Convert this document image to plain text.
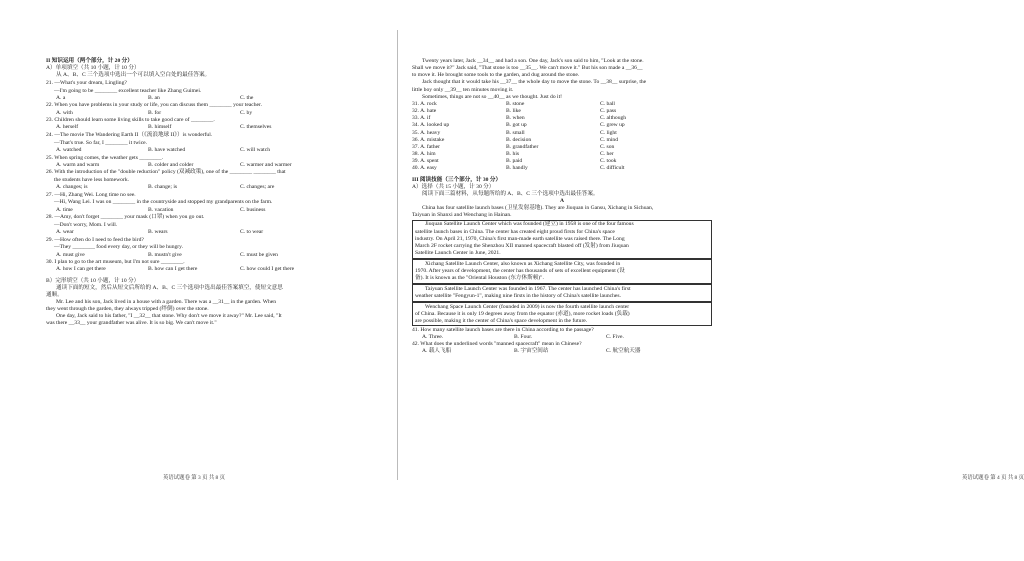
II 知识运用（两个部分，计 20 分）
A）单项填空（共 10 小题，计 10 分）
从 A、B、C 三个选项中选出一个可以填入空白处的最佳答案。
21. —What's your dream, Lingling?
—I'm going to be ________ excellent teacher like Zhang Guimei.
A. a	B. an	C. the
22. When you have problems in your study or life, you can discuss them ________ your teacher.
A. with	B. for	C. by
23. Children should learn some living skills to take good care of ________.
A. herself	B. himself	C. themselves
24. —The movie The Wandering Earth II（《流浪地球 II》）is wonderful.
—That's true. So far, I ________ it twice.
A. watched	B. have watched	C. will watch
25. When spring comes, the weather gets ________.
A. warm and warm	B. colder and colder	C. warmer and warmer
26. With the introduction of the "double reduction" policy (双减政策), one of the ________ ________ that
the students have less homework.
A. changes; is	B. change; is	C. changes; are
27. —Hi, Zhang Wei. Long time no see.
—Hi, Wang Lei. I was on ________ in the countryside and stopped my grandparents on the farm.
A. time	B. vacation	C. business
28. —Amy, don't forget ________ your mask (口罩) when you go out.
—Don't worry, Mom. I will.
A. wear	B. wears	C. to wear
29. —How often do I need to feed the bird?
—They ________ food every day, or they will be hungry.
A. must give	B. mustn't give	C. must be given
30. I plan to go to the art museum, but I'm not sure ________.
A. how I can get there	B. how can I get there	C. how could I get there
B）完形填空（共 10 小题，计 10 分）
通读下面的短文，然后从短文后所给的 A、B、C 三个选项中选出最佳答案填空，使短文意思
通顺。
Mr. Lee and his son, Jack lived in a house with a garden. There was a __31__ in the garden. When
they went through the garden, they always tripped (绊倒) over the stone.
One day, Jack said to his father, "I __32__ that stone. Why don't we move it away?" Mr. Lee said, "It
was there __33__ your grandfather was alive. It is so big. We can't move it."
英语试题卷 第 3 页 共 8 页
Twenty years later, Jack __34__ and had a son. One day, Jack's son said to him, "Look at the stone.
Shall we move it?" Jack said, "That stone is too __35__. We can't move it." But his son made a __36__
to move it. He brought some tools to the garden, and dug around the stone.
Jack thought that it would take his __37__ the whole day to move the stone. To __38__ surprise, the
little boy only __39__ ten minutes moving it.
Sometimes, things are not so __40__ as we thought. Just do it!
31. A. rock	B. stone	C. ball
32. A. hate	B. like	C. pass
33. A. if	B. when	C. although
34. A. looked up	B. got up	C. grew up
35. A. heavy	B. small	C. light
36. A. mistake	B. decision	C. mind
37. A. father	B. grandfather	C. son
38. A. him	B. his	C. her
39. A. spent	B. paid	C. took
40. A. easy	B. handly	C. difficult
III 阅读技能（三个部分，计 30 分）
A）选择（共 15 小题，计 30 分）
阅读下面三篇材料，从每题所给的 A、B、C 三个选项中选出最佳答案。
A
China has four satellite launch bases (卫星发射基地). They are Jiuquan in Gansu, Xichang in Sichuan,
Taiyuan in Shanxi and Wenchang in Hainan.
Jiuquan Satellite Launch Center which was founded (建立) in 1958 is one of the four famous
satellite launch bases in China. The center has created eight proud firsts for China's space
industry. On April 21, 1970, China's first man-made earth satellite was raised there. The Long
March 2F rocket carrying the Shenzhou XII manned spacecraft blasted off (发射) from Jiuquan
Satellite Launch Center in June, 2021.
Xichang Satellite Launch Center, also known as Xichang Satellite City, was founded in
1970. After years of development, the center has thousands of sets of excellent equipment (设
备). It is known as the "Oriental Houston (东方休斯顿)".
Taiyuan Satellite Launch Center was founded in 1967. The center has launched China's first
weather satellite "Fengyun-1", making nine firsts in the history of China's satellite launches.
Wenchang Space Launch Center (founded in 2009) is now the fourth satellite launch center
of China. Because it is only 19 degrees away from the equator (赤道), more rocket loads (负载)
are possible, making it the center of China's space development in the future.
41. How many satellite launch bases are there in China according to the passage?
A. Three.	B. Four.	C. Five.
42. What does the underlined words "manned spacecraft" mean in Chinese?
A. 载人飞船	B. 宇宙空间站	C. 航空航天器
英语试题卷 第 4 页 共 8 页
